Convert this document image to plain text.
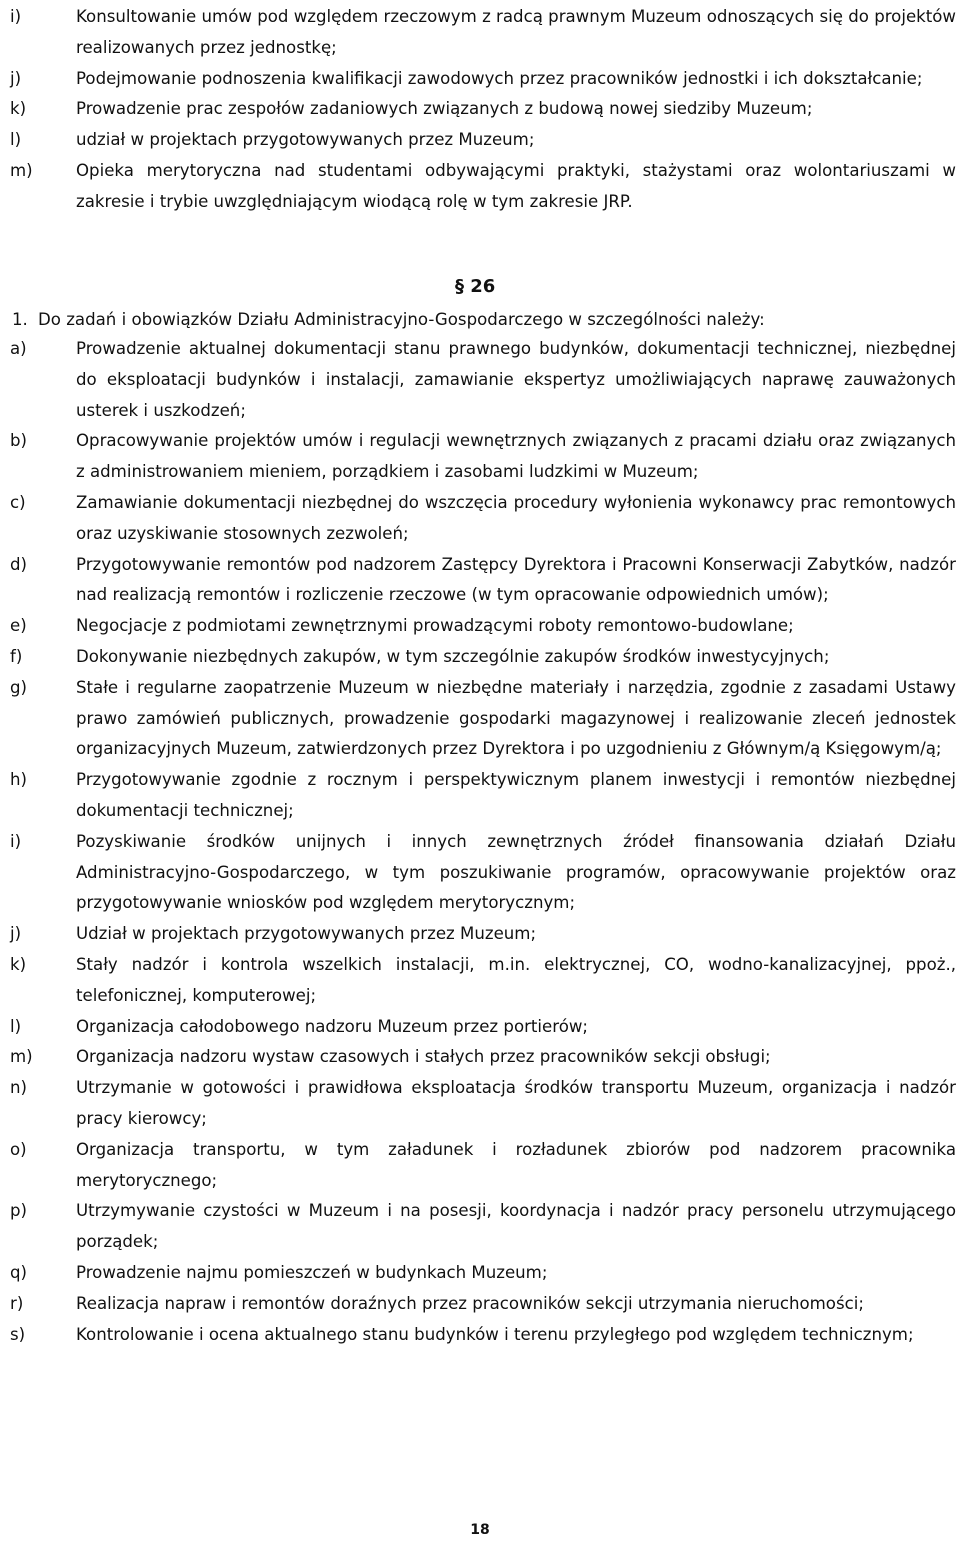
i)	Konsultowanie umów pod względem rzeczowym z radcą prawnym Muzeum odnoszących się do projektów realizowanych przez jednostkę;
j)	Podejmowanie podnoszenia kwalifikacji zawodowych przez pracowników jednostki i ich dokształcanie;
k)	Prowadzenie prac zespołów zadaniowych związanych z budową nowej siedziby Muzeum;
l)	udział w projektach przygotowywanych przez Muzeum;
m)	Opieka merytoryczna nad studentami odbywającymi praktyki, stażystami oraz wolontariuszami w zakresie i trybie uwzględniającym wiodącą rolę w tym zakresie JRP.
§ 26
1. Do zadań i obowiązków Działu Administracyjno-Gospodarczego w szczególności należy:
a)	Prowadzenie aktualnej dokumentacji stanu prawnego budynków, dokumentacji technicznej, niezbędnej do eksploatacji budynków i instalacji, zamawianie ekspertyz umożliwiających naprawę zauważonych usterek i uszkodzeń;
b)	Opracowywanie projektów umów i regulacji wewnętrznych związanych z pracami działu oraz związanych z administrowaniem mieniem, porządkiem i zasobami ludzkimi w Muzeum;
c)	Zamawianie dokumentacji niezbędnej do wszczęcia procedury wyłonienia wykonawcy prac remontowych oraz uzyskiwanie stosownych zezwoleń;
d)	Przygotowywanie remontów pod nadzorem Zastępcy Dyrektora i Pracowni Konserwacji Zabytków, nadzór nad realizacją remontów i rozliczenie rzeczowe (w tym opracowanie odpowiednich umów);
e)	Negocjacje z podmiotami zewnętrznymi prowadzącymi roboty remontowo-budowlane;
f)	Dokonywanie niezbędnych zakupów, w tym szczególnie zakupów środków inwestycyjnych;
g)	Stałe i regularne zaopatrzenie Muzeum w niezbędne materiały i narzędzia, zgodnie z zasadami Ustawy prawo zamówień publicznych, prowadzenie gospodarki magazynowej i realizowanie zleceń jednostek organizacyjnych Muzeum, zatwierdzonych przez Dyrektora i po uzgodnieniu z Głównym/ą Księgowym/ą;
h)	Przygotowywanie zgodnie z rocznym i perspektywicznym planem inwestycji i remontów niezbędnej dokumentacji technicznej;
i)	Pozyskiwanie środków unijnych i innych zewnętrznych źródeł finansowania działań Działu Administracyjno-Gospodarczego, w tym poszukiwanie programów, opracowywanie projektów oraz przygotowywanie wniosków pod względem merytorycznym;
j)	Udział w projektach przygotowywanych przez Muzeum;
k)	Stały nadzór i kontrola wszelkich instalacji, m.in. elektrycznej, CO, wodno-kanalizacyjnej, ppoż., telefonicznej, komputerowej;
l)	Organizacja całodobowego nadzoru Muzeum przez portierów;
m)	Organizacja nadzoru wystaw czasowych i stałych przez pracowników sekcji obsługi;
n)	Utrzymanie w gotowości i prawidłowa eksploatacja środków transportu Muzeum, organizacja i nadzór pracy kierowcy;
o)	Organizacja transportu, w tym załadunek i rozładunek zbiorów pod nadzorem pracownika merytorycznego;
p)	Utrzymywanie czystości w Muzeum i na posesji, koordynacja i nadzór pracy personelu utrzymującego porządek;
q)	Prowadzenie najmu pomieszczeń w budynkach Muzeum;
r)	Realizacja napraw i remontów doraźnych przez pracowników sekcji utrzymania nieruchomości;
s)	Kontrolowanie i ocena aktualnego stanu budynków i terenu przyległego pod względem technicznym;
18
